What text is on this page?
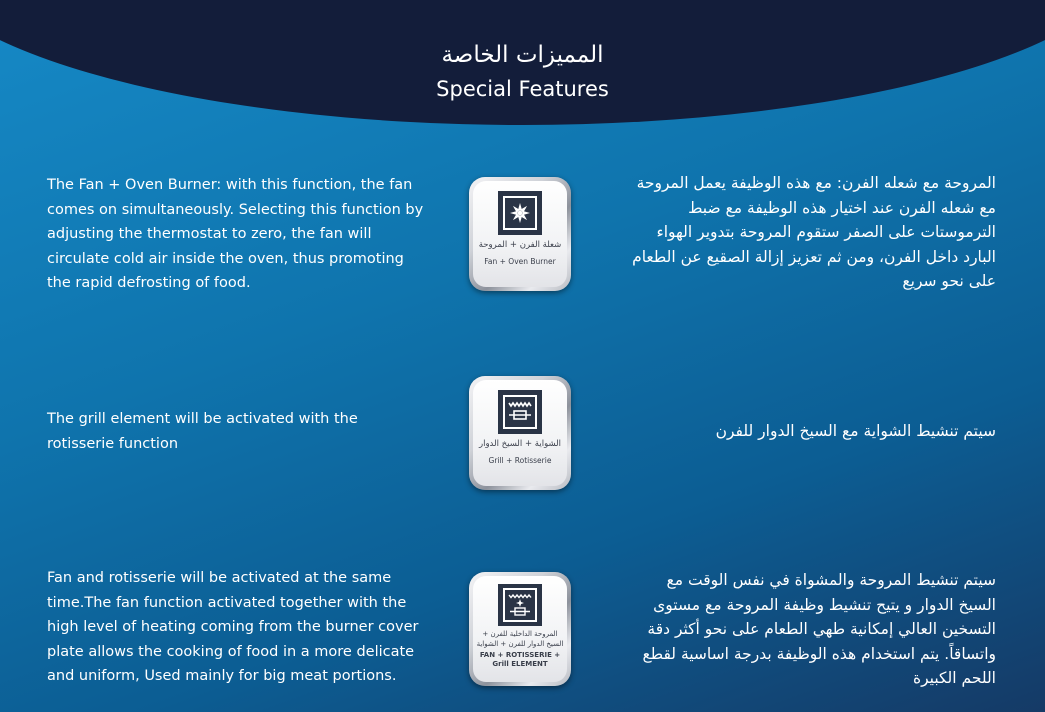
المميزات الخاصة
Special Features
The Fan + Oven Burner: with this function, the fan comes on simultaneously. Selecting this function by adjusting the thermostat to zero, the fan will circulate cold air inside the oven, thus promoting the rapid defrosting of food.
شعلة الفرن + المروحة
Fan + Oven Burner
المروحة مع شعله الفرن: مع هذه الوظيفة يعمل المروحة مع شعله الفرن عند اختيار هذه الوظيفة مع ضبط الترموستات على الصفر ستقوم المروحة بتدوير الهواء البارد داخل الفرن، ومن ثم تعزيز إزالة الصقيع عن الطعام على نحو سريع
The grill element will be activated with the rotisserie function	الشواية + السيخ الدوار
Grill + Rotisserie
سيتم تنشيط الشواية مع السيخ الدوار للفرن
Fan and rotisserie will be activated at the same time.The fan function activated together with the high level of heating coming from the burner cover plate allows the cooking of food in a more delicate and uniform, Used mainly for big meat portions.
المروحة الداخلية للفرن + السيخ الدوار للفرن + الشواية
FAN + ROTISSERIE + Grill ELEMENT
سيتم تنشيط المروحة والمشواة في نفس الوقت مع السيخ الدوار و يتيح تنشيط وظيفة المروحة مع مستوى التسخين العالي إمكانية طهي الطعام على نحو أكثر دقة واتساقاً. يتم استخدام هذه الوظيفة بدرجة اساسية لقطع اللحم الكبيرة
